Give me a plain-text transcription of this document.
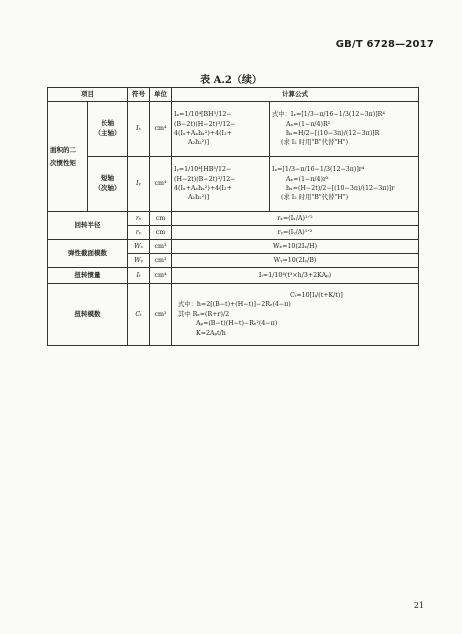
GB/T 6728—2017
表 A.2（续）
项目		符号	单位	计算公式	

面积的二
次惯性矩	长轴
（主轴）	Iₓ	cm⁴	Iₓ=1/10⁴[BH³/12−
(B−2t)(H−2t)³/12−
4(Iₓ+Aₓhₓ²)+4(I₂+
A₂h₂²)]	式中：Iₓ=[1/3−π/16−1/3(12−3π)]R⁴
Aₓ=(1−π/4)R²
hₓ=H/2−[(10−3π)/(12−3π)]R
(求 I₂ 时用"B"代替"H")

	短轴
（次轴）	Iᵧ	cm⁴	Iᵧ=1/10⁴[HB³/12−
(H−2t)(B−2t)³/12−
4(Iₓ+Aₓhₓ²)+4(I₂+
A₂h₂²)]	Iₓ=[1/3−π/16−1/3(12−3π)]r⁴
Aₓ=(1−π/4)r²
hₓ=(H−2t)/2−[(10−3π)/(12−3π)]r
(求 I₂ 时用"B"代替"H")

回转半径		rₓ	cm	rₓ=(Iₓ/A)¹ᐟ²	
		rᵧ	cm	rᵧ=(Iᵧ/A)¹ᐟ²	
弹性截面模数		Wₓ	cm³	Wₓ=10(2Iₓ/H)	
		Wᵧ	cm³	Wᵧ=10(2Iᵧ/B)	
扭转惯量		Iₜ	cm⁴	Iₜ=1/10⁴(t³×h/3+2KAₚ)	
扭转模数		Cₜ	cm³	Cₜ=10[Iₜ/(t+K/t)]
式中：h=2[(B−t)+(H−t)]−2Rₑ(4−π)
其中 Rₑ=(R+r)/2
Aₚ=(B−t)(H−t)−Rₑ²(4−π)
K=2Aₚt/h	
21
